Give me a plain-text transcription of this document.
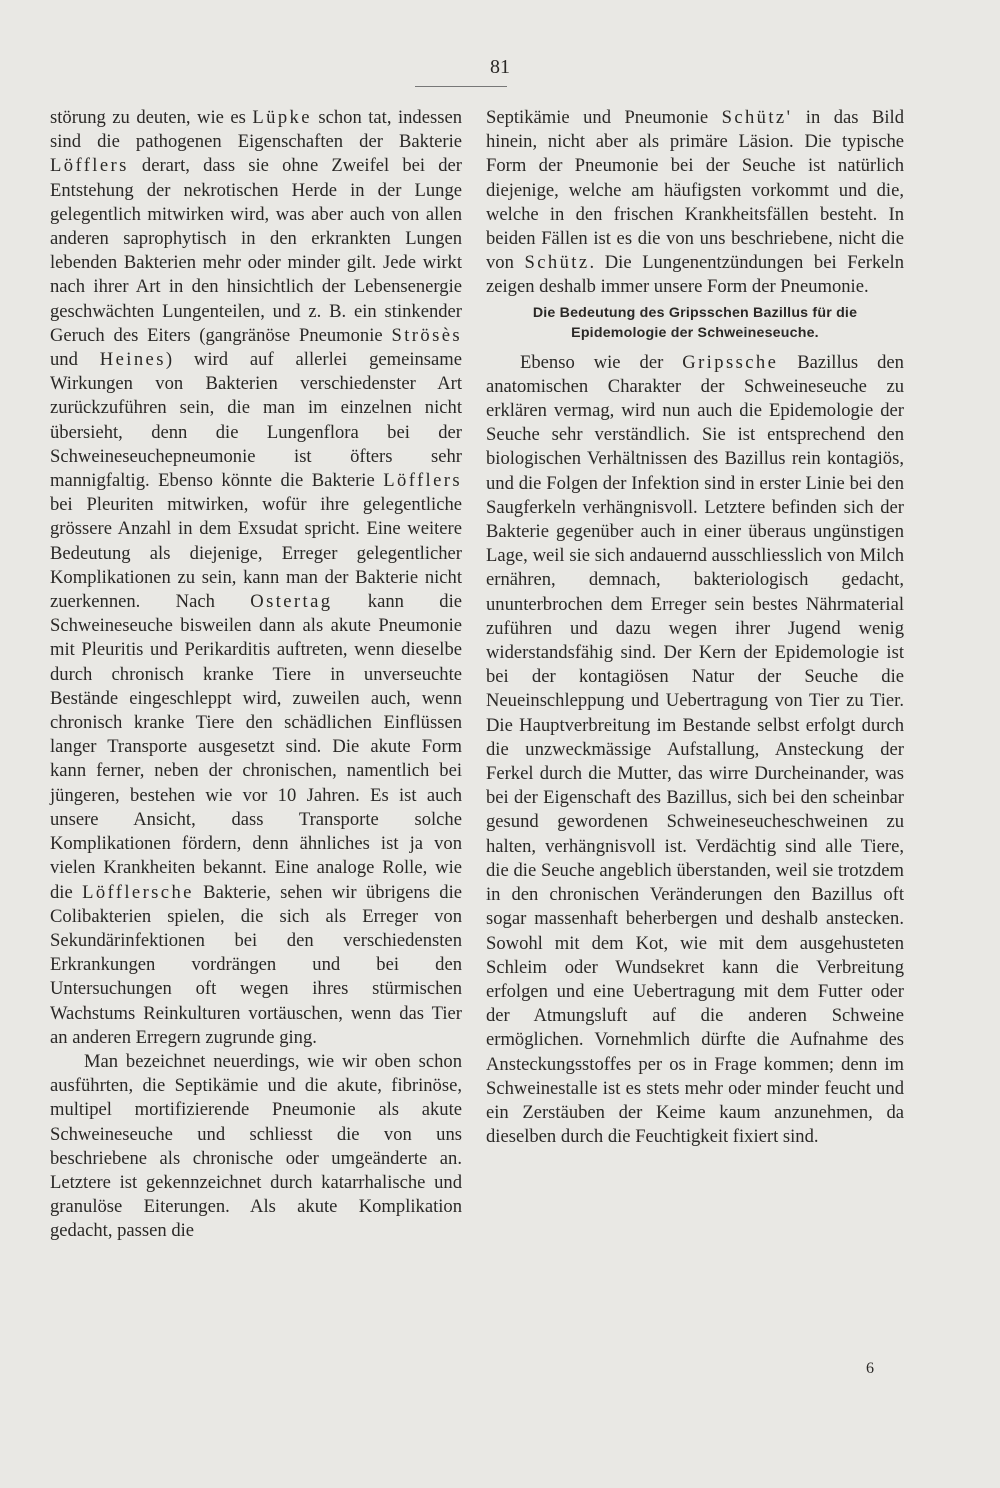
81

störung zu deuten, wie es Lüpke schon tat, indessen sind die pathogenen Eigenschaften der Bakterie Löfflers derart, dass sie ohne Zweifel bei der Entstehung der nekrotischen Herde in der Lunge gelegentlich mitwirken wird, was aber auch von allen anderen saprophytisch in den erkrankten Lungen lebenden Bakterien mehr oder minder gilt. Jede wirkt nach ihrer Art in den hinsichtlich der Lebensenergie geschwächten Lungenteilen, und z. B. ein stinkender Geruch des Eiters (gangränöse Pneumonie Strösès und Heines) wird auf allerlei gemeinsame Wirkungen von Bakterien verschiedenster Art zurückzuführen sein, die man im einzelnen nicht übersieht, denn die Lungenflora bei der Schweineseuchepneumonie ist öfters sehr mannigfaltig. Ebenso könnte die Bakterie Löfflers bei Pleuriten mitwirken, wofür ihre gelegentliche grössere Anzahl in dem Exsudat spricht. Eine weitere Bedeutung als diejenige, Erreger gelegentlicher Komplikationen zu sein, kann man der Bakterie nicht zuerkennen. Nach Ostertag kann die Schweineseuche bisweilen dann als akute Pneumonie mit Pleuritis und Perikarditis auftreten, wenn dieselbe durch chronisch kranke Tiere in unverseuchte Bestände eingeschleppt wird, zuweilen auch, wenn chronisch kranke Tiere den schädlichen Einflüssen langer Transporte ausgesetzt sind. Die akute Form kann ferner, neben der chronischen, namentlich bei jüngeren, bestehen wie vor 10 Jahren. Es ist auch unsere Ansicht, dass Transporte solche Komplikationen fördern, denn ähnliches ist ja von vielen Krankheiten bekannt. Eine analoge Rolle, wie die Löfflersche Bakterie, sehen wir übrigens die Colibakterien spielen, die sich als Erreger von Sekundärinfektionen bei den verschiedensten Erkrankungen vordrängen und bei den Untersuchungen oft wegen ihres stürmischen Wachstums Reinkulturen vortäuschen, wenn das Tier an anderen Erregern zugrunde ging.

Man bezeichnet neuerdings, wie wir oben schon ausführten, die Septikämie und die akute, fibrinöse, multipel mortifizierende Pneumonie als akute Schweineseuche und schliesst die von uns beschriebene als chronische oder umgeänderte an. Letztere ist gekennzeichnet durch katarrhalische und granulöse Eiterungen. Als akute Komplikation gedacht, passen die

Septikämie und Pneumonie Schütz' in das Bild hinein, nicht aber als primäre Läsion. Die typische Form der Pneumonie bei der Seuche ist natürlich diejenige, welche am häufigsten vorkommt und die, welche in den frischen Krankheitsfällen besteht. In beiden Fällen ist es die von uns beschriebene, nicht die von Schütz. Die Lungenentzündungen bei Ferkeln zeigen deshalb immer unsere Form der Pneumonie.

Die Bedeutung des Gripsschen Bazillus für die Epidemologie der Schweineseuche.

Ebenso wie der Gripssche Bazillus den anatomischen Charakter der Schweineseuche zu erklären vermag, wird nun auch die Epidemologie der Seuche sehr verständlich. Sie ist entsprechend den biologischen Verhältnissen des Bazillus rein kontagiös, und die Folgen der Infektion sind in erster Linie bei den Saugferkeln verhängnisvoll. Letztere befinden sich der Bakterie gegenüber auch in einer überaus ungünstigen Lage, weil sie sich andauernd ausschliesslich von Milch ernähren, demnach, bakteriologisch gedacht, ununterbrochen dem Erreger sein bestes Nährmaterial zuführen und dazu wegen ihrer Jugend wenig widerstandsfähig sind. Der Kern der Epidemologie ist bei der kontagiösen Natur der Seuche die Neueinschleppung und Uebertragung von Tier zu Tier. Die Hauptverbreitung im Bestande selbst erfolgt durch die unzweckmässige Aufstallung, Ansteckung der Ferkel durch die Mutter, das wirre Durcheinander, was bei der Eigenschaft des Bazillus, sich bei den scheinbar gesund gewordenen Schweineseucheschweinen zu halten, verhängnisvoll ist. Verdächtig sind alle Tiere, die die Seuche angeblich überstanden, weil sie trotzdem in den chronischen Veränderungen den Bazillus oft sogar massenhaft beherbergen und deshalb anstecken. Sowohl mit dem Kot, wie mit dem ausgehusteten Schleim oder Wundsekret kann die Verbreitung erfolgen und eine Uebertragung mit dem Futter oder der Atmungsluft auf die anderen Schweine ermöglichen. Vornehmlich dürfte die Aufnahme des Ansteckungsstoffes per os in Frage kommen; denn im Schweinestalle ist es stets mehr oder minder feucht und ein Zerstäuben der Keime kaum anzunehmen, da dieselben durch die Feuchtigkeit fixiert sind.

6
